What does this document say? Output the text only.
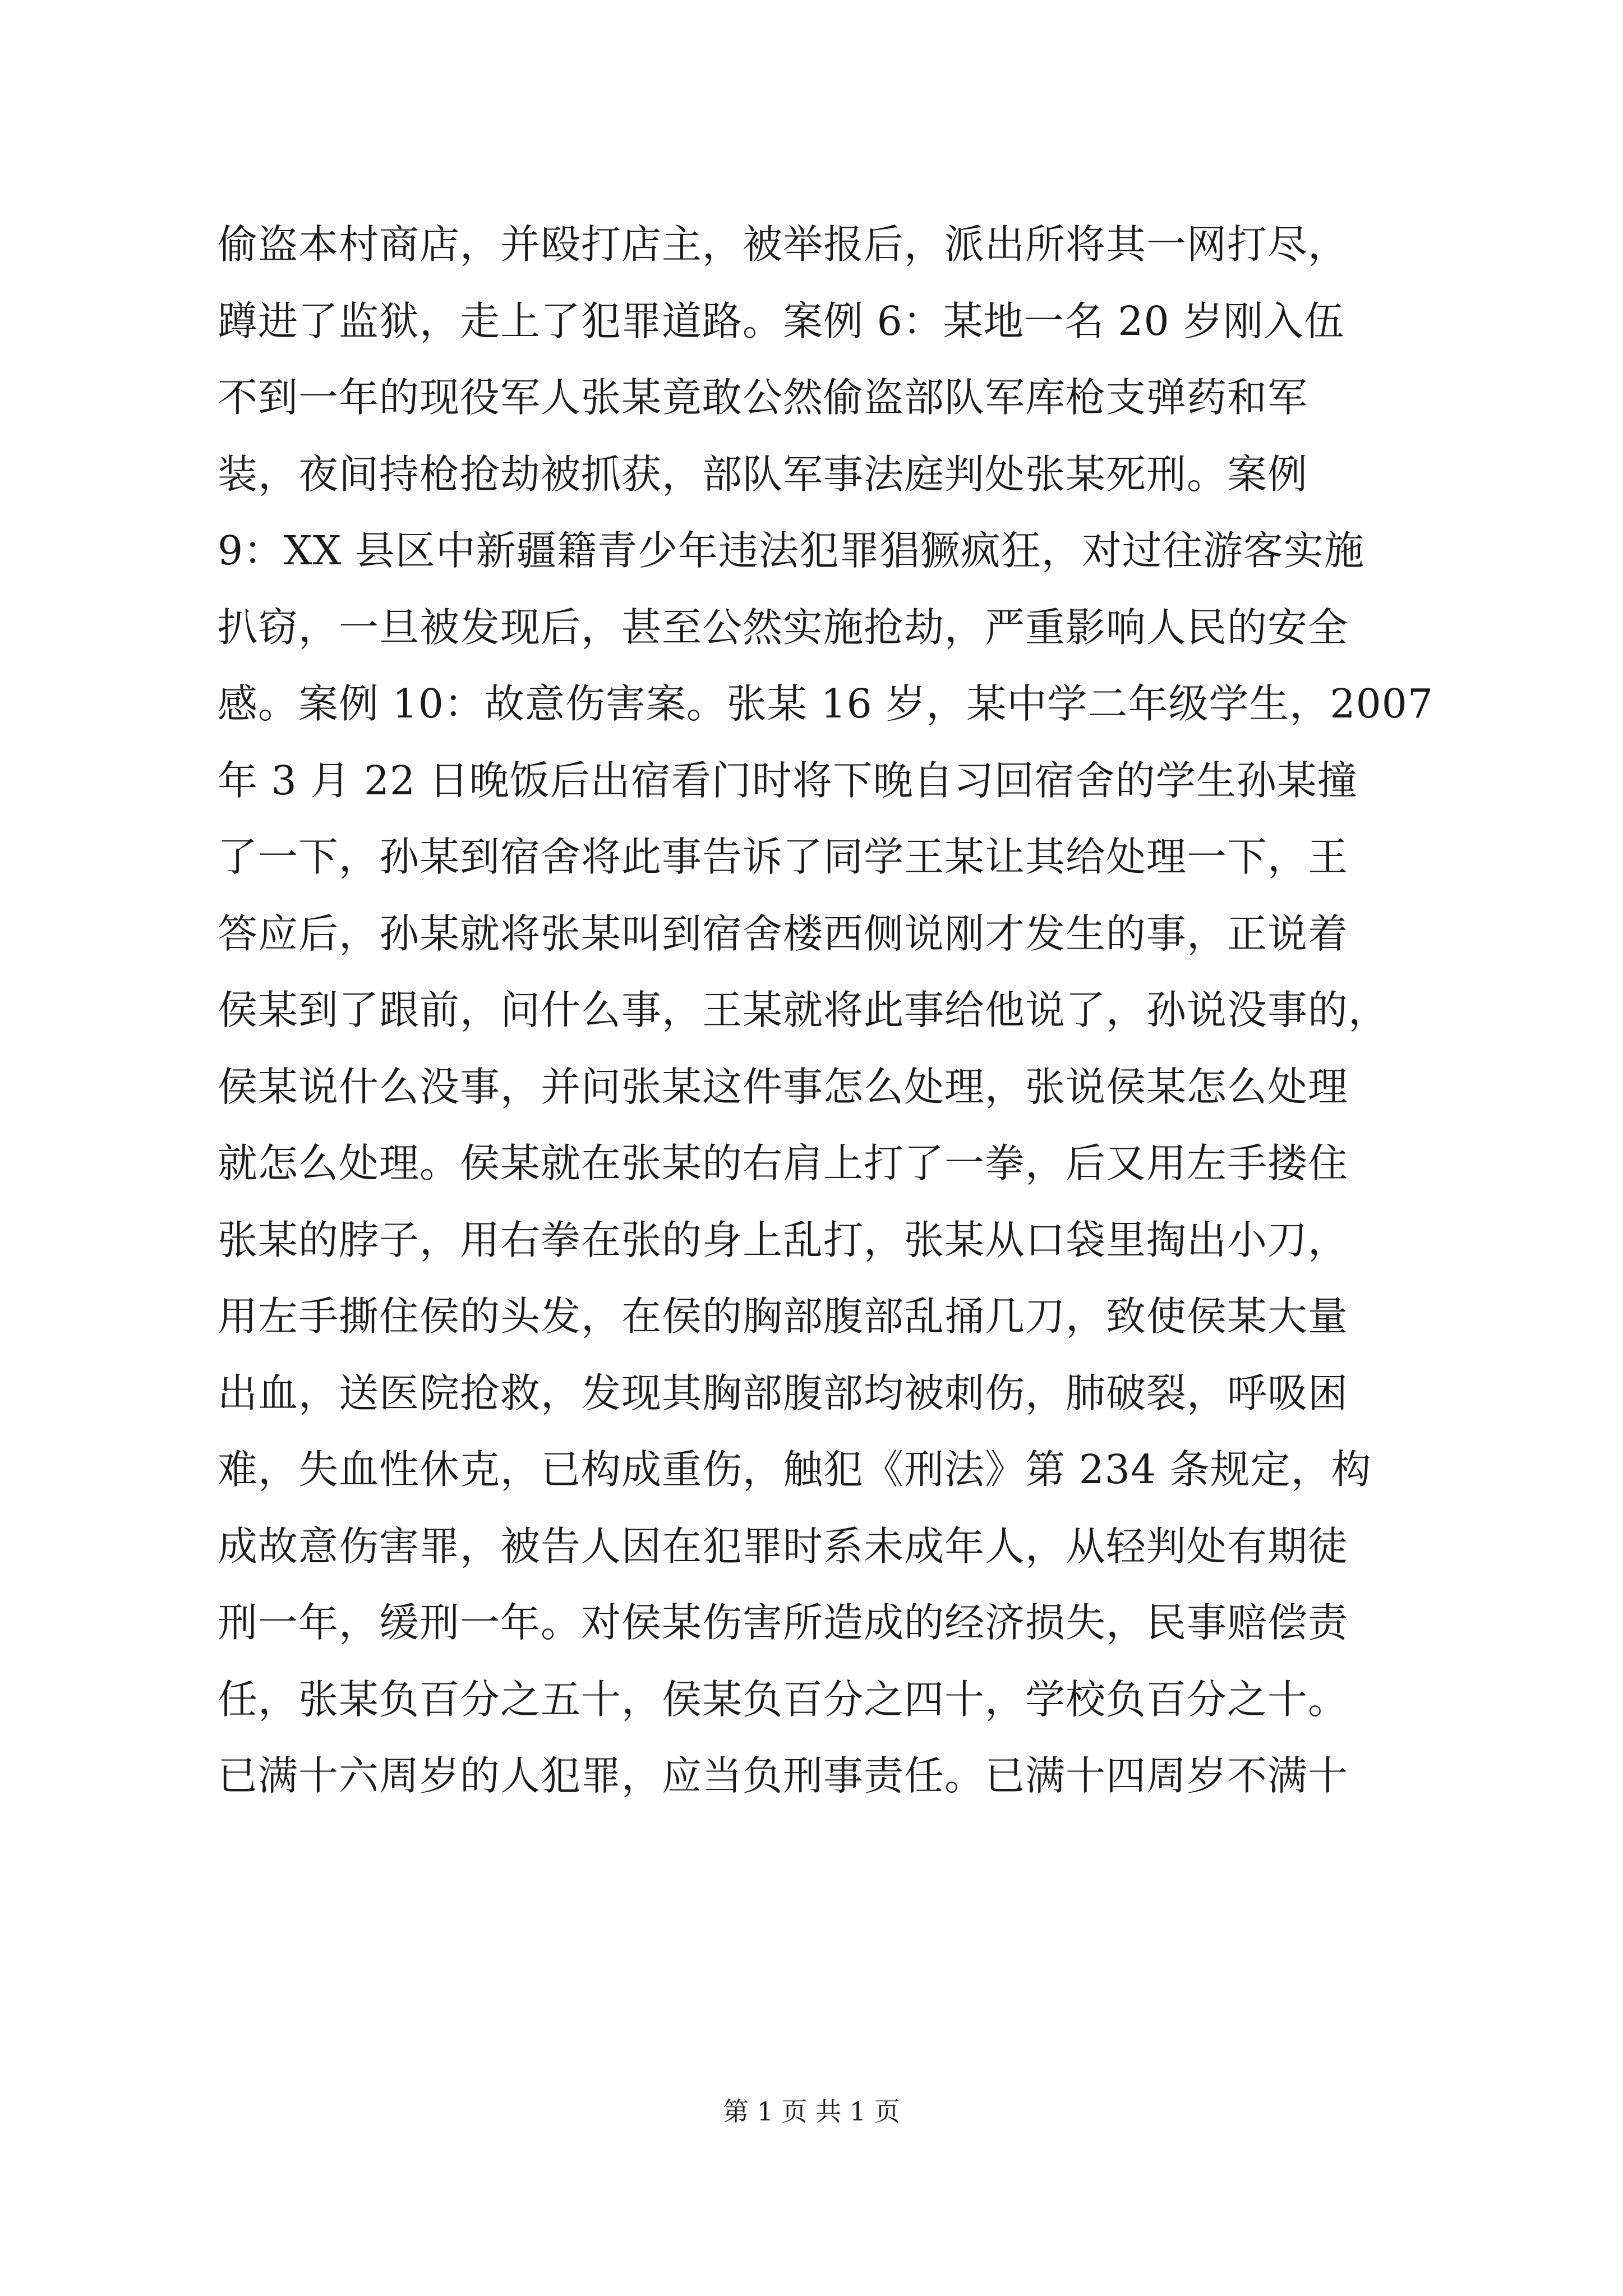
偷盗本村商店，并殴打店主，被举报后，派出所将其一网打尽，
蹲进了监狱，走上了犯罪道路。案例 6：某地一名 20 岁刚入伍
不到一年的现役军人张某竟敢公然偷盗部队军库枪支弹药和军
装，夜间持枪抢劫被抓获，部队军事法庭判处张某死刑。案例
9：XX 县区中新疆籍青少年违法犯罪猖獗疯狂，对过往游客实施
扒窃，一旦被发现后，甚至公然实施抢劫，严重影响人民的安全
感。案例 10：故意伤害案。张某 16 岁，某中学二年级学生，2007
年 3 月 22 日晚饭后出宿看门时将下晚自习回宿舍的学生孙某撞
了一下，孙某到宿舍将此事告诉了同学王某让其给处理一下，王
答应后，孙某就将张某叫到宿舍楼西侧说刚才发生的事，正说着
侯某到了跟前，问什么事，王某就将此事给他说了，孙说没事的，
侯某说什么没事，并问张某这件事怎么处理，张说侯某怎么处理
就怎么处理。侯某就在张某的右肩上打了一拳，后又用左手搂住
张某的脖子，用右拳在张的身上乱打，张某从口袋里掏出小刀，
用左手撕住侯的头发，在侯的胸部腹部乱捅几刀，致使侯某大量
出血，送医院抢救，发现其胸部腹部均被刺伤，肺破裂，呼吸困
难，失血性休克，已构成重伤，触犯《刑法》第 234 条规定，构
成故意伤害罪，被告人因在犯罪时系未成年人，从轻判处有期徒
刑一年，缓刑一年。对侯某伤害所造成的经济损失，民事赔偿责
任，张某负百分之五十，侯某负百分之四十，学校负百分之十。
已满十六周岁的人犯罪，应当负刑事责任。已满十四周岁不满十
第 1 页 共 1 页
